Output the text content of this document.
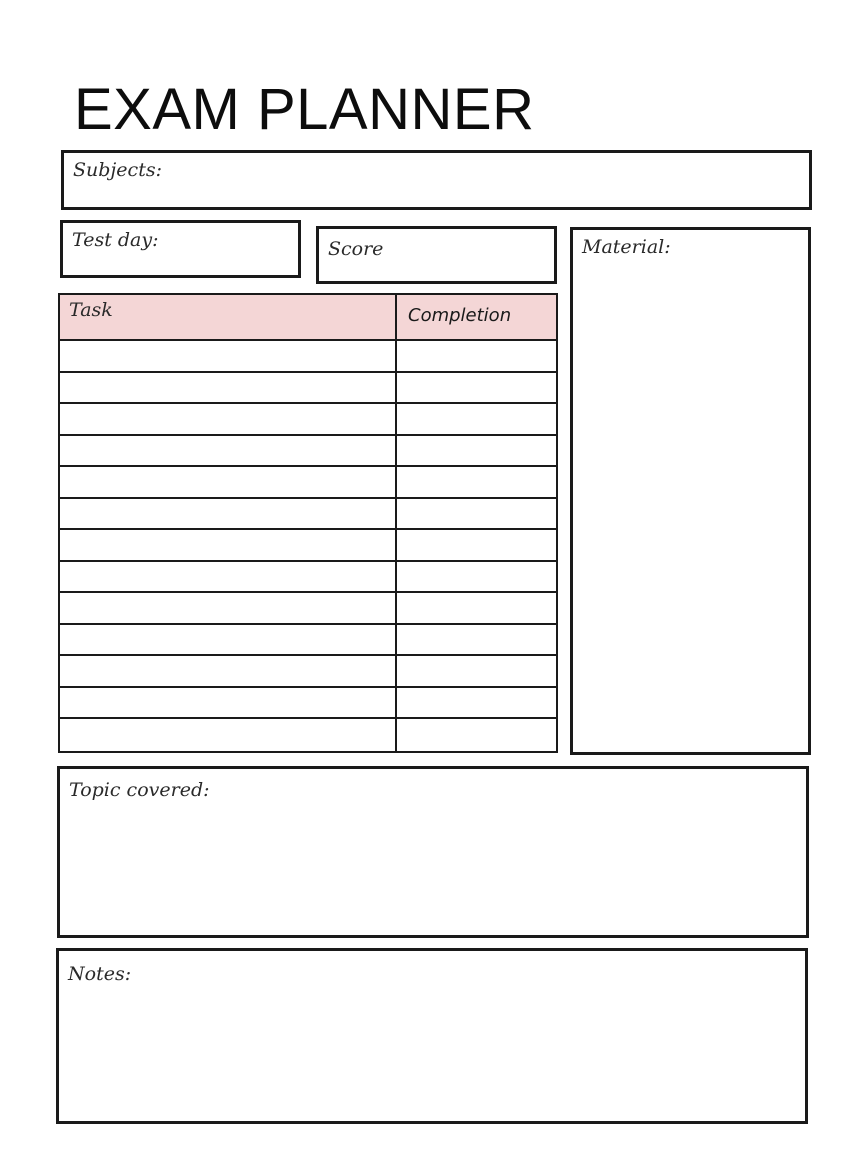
EXAM PLANNER
Subjects:
Test day:	Score	Material:
Task	Completion
Topic covered:
Notes:
